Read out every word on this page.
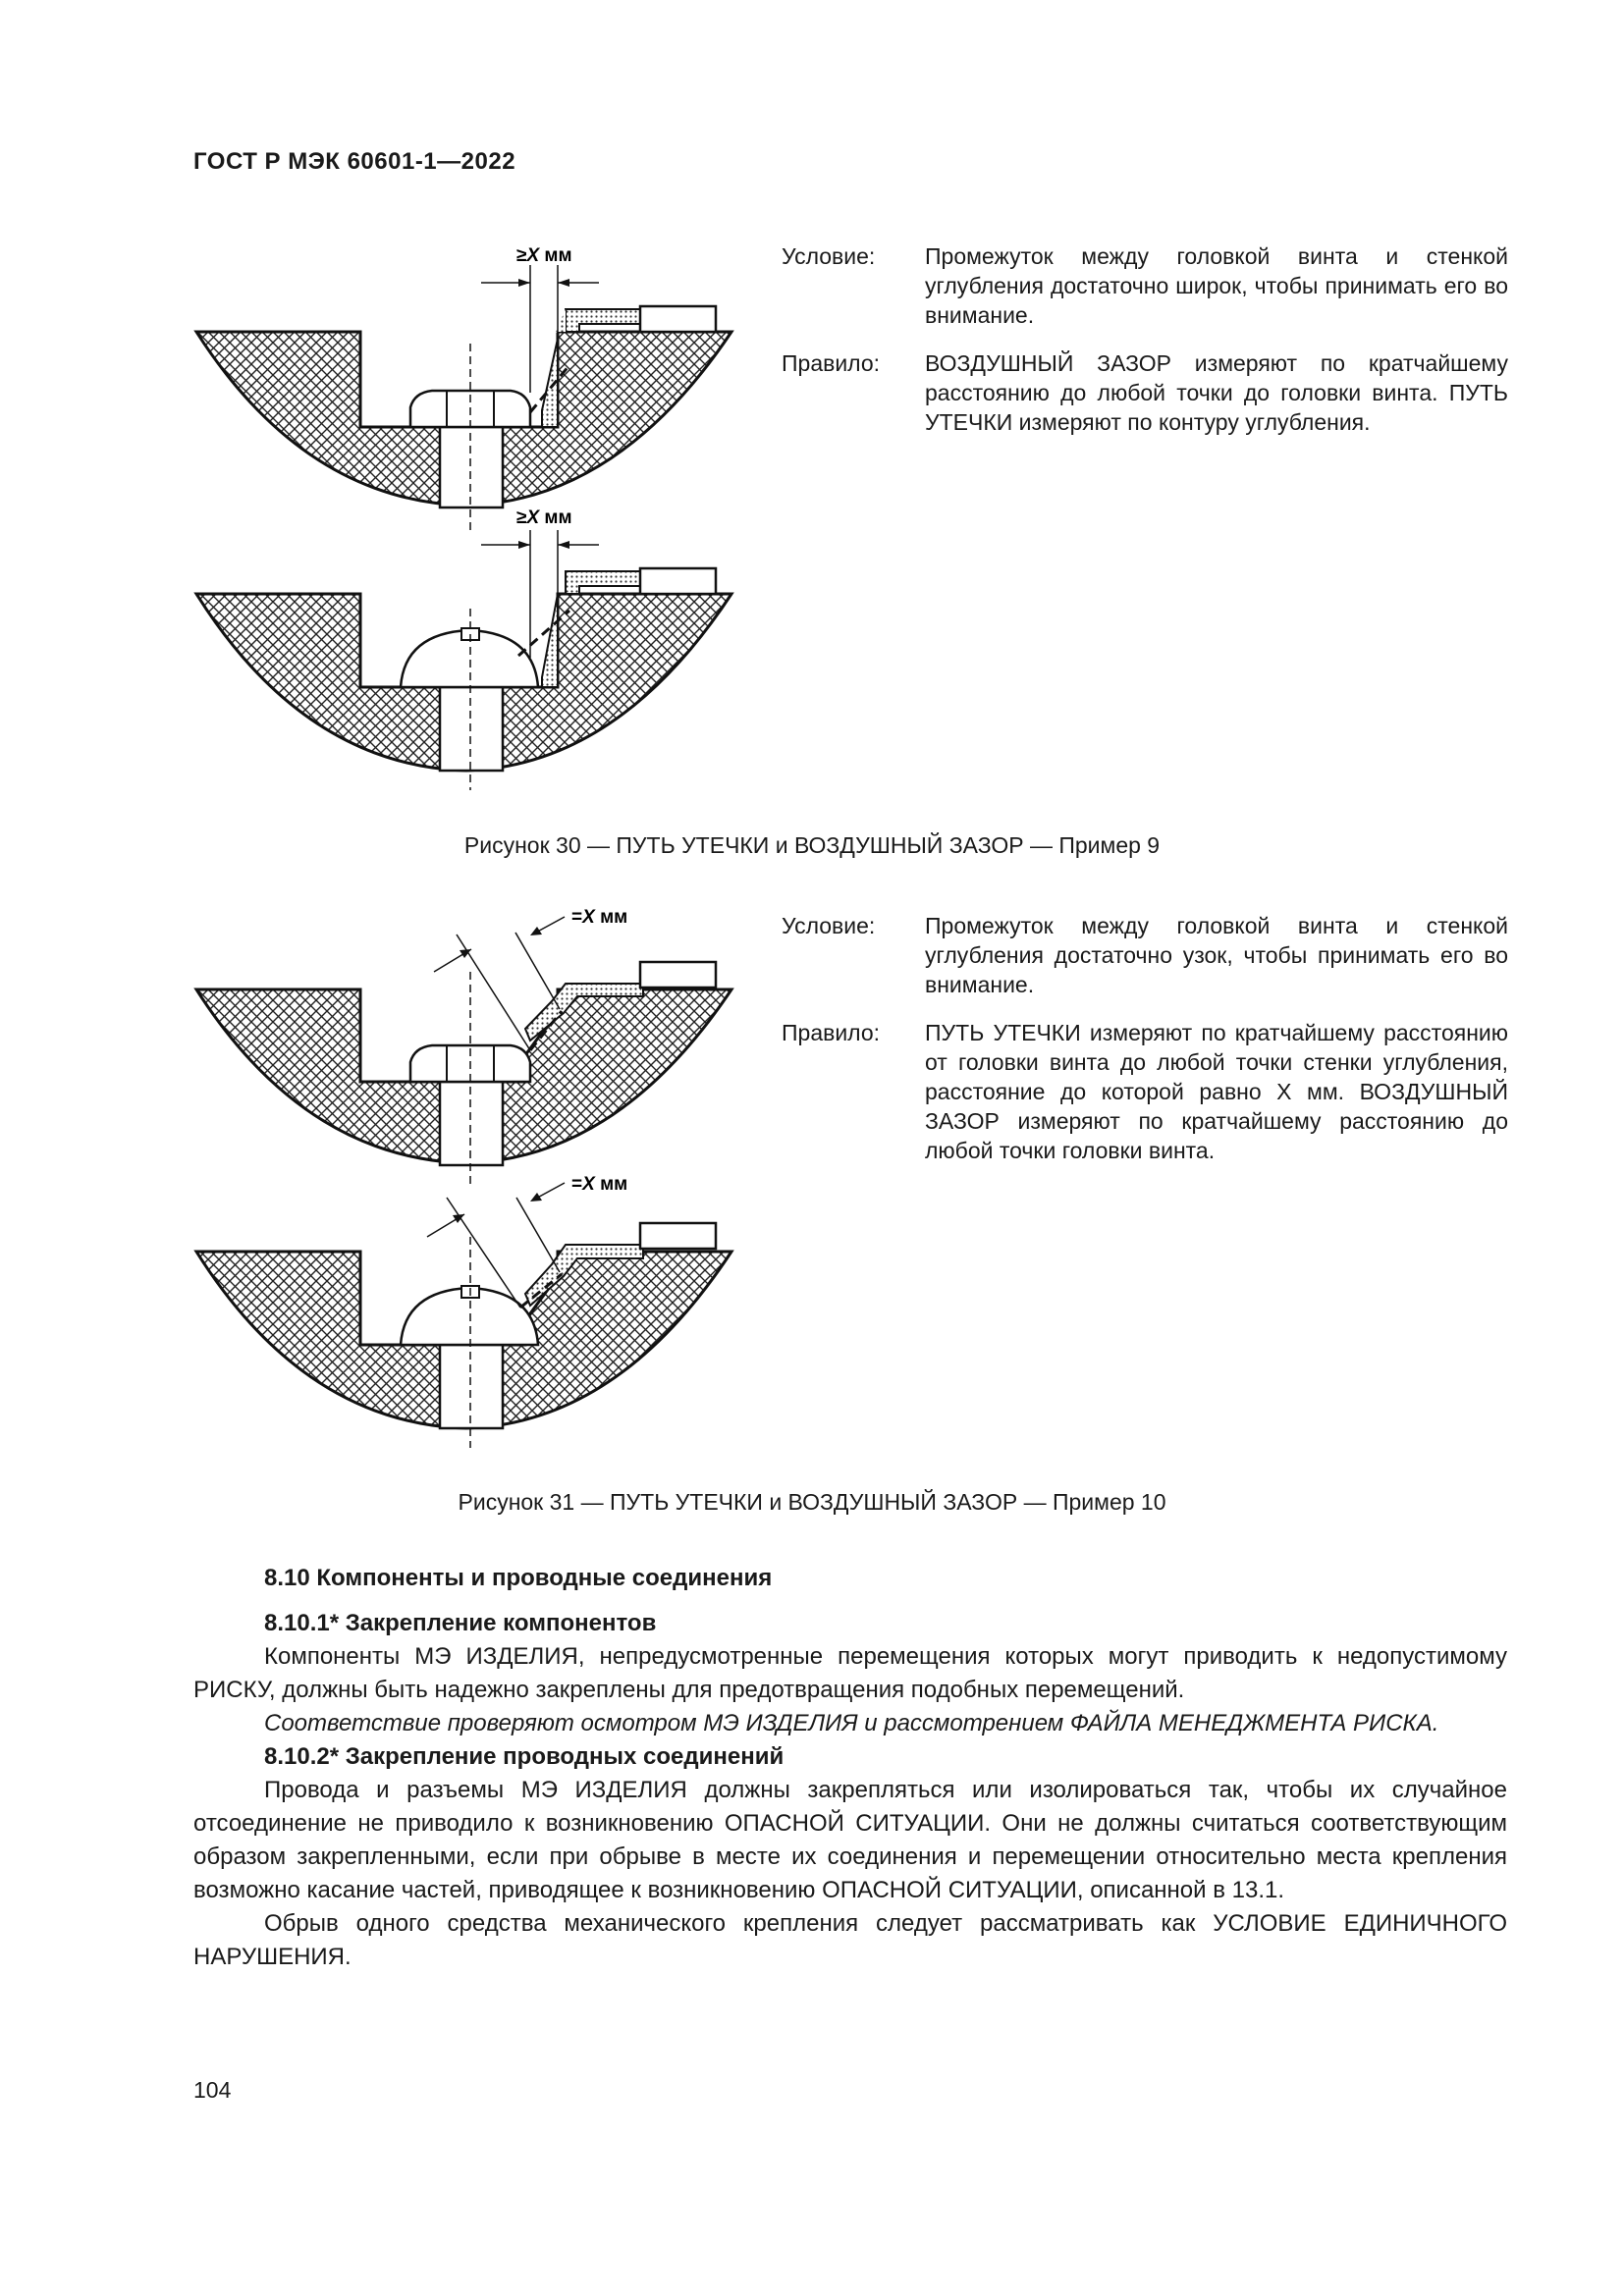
ГОСТ Р МЭК 60601-1—2022
≥X мм
≥X мм
Условие: Промежуток между головкой винта и стенкой углубления достаточно широк, чтобы принимать его во внимание.
Правило: ВОЗДУШНЫЙ ЗАЗОР измеряют по кратчайшему расстоянию до любой точки до головки винта. ПУТЬ УТЕЧКИ измеряют по контуру углубления.
Рисунок 30 — ПУТЬ УТЕЧКИ и ВОЗДУШНЫЙ ЗАЗОР — Пример 9
=X мм
=X мм
Условие: Промежуток между головкой винта и стенкой углубления достаточно узок, чтобы принимать его во внимание.
Правило: ПУТЬ УТЕЧКИ измеряют по кратчайшему расстоянию от головки винта до любой точки стенки углубления, расстояние до которой равно X мм. ВОЗДУШНЫЙ ЗАЗОР измеряют по кратчайшему расстоянию до любой точки головки винта.
Рисунок 31 — ПУТЬ УТЕЧКИ и ВОЗДУШНЫЙ ЗАЗОР — Пример 10

8.10 Компоненты и проводные соединения

8.10.1* Закрепление компонентов

Компоненты МЭ ИЗДЕЛИЯ, непредусмотренные перемещения которых могут приводить к недопустимому РИСКУ, должны быть надежно закреплены для предотвращения подобных перемещений.

Соответствие проверяют осмотром МЭ ИЗДЕЛИЯ и рассмотрением ФАЙЛА МЕНЕДЖМЕНТА РИСКА.

8.10.2* Закрепление проводных соединений

Провода и разъемы МЭ ИЗДЕЛИЯ должны закрепляться или изолироваться так, чтобы их случайное отсоединение не приводило к возникновению ОПАСНОЙ СИТУАЦИИ. Они не должны считаться соответствующим образом закрепленными, если при обрыве в месте их соединения и перемещении относительно места крепления возможно касание частей, приводящее к возникновению ОПАСНОЙ СИТУАЦИИ, описанной в 13.1.

Обрыв одного средства механического крепления следует рассматривать как УСЛОВИЕ ЕДИНИЧНОГО НАРУШЕНИЯ.

104
